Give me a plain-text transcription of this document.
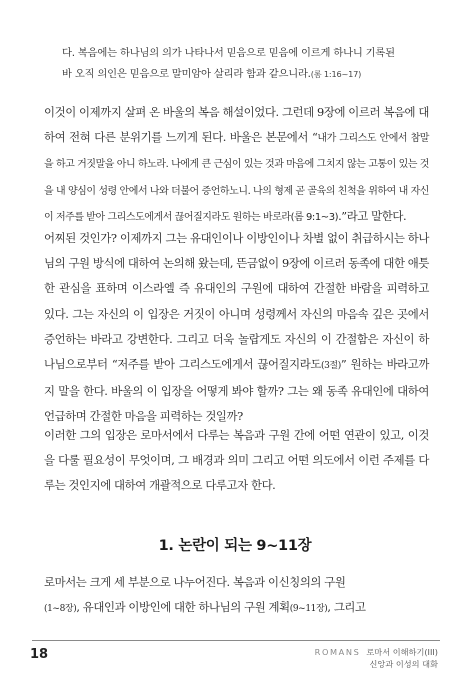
다. 복음에는 하나님의 의가 나타나서 믿음으로 믿음에 이르게 하나니 기록된
바 오직 의인은 믿음으로 말미암아 살리라 함과 같으니라.(롬 1:16~17)
이것이 이제까지 살펴 온 바울의 복음 해설이었다. 그런데 9장에 이르러 복음에 대하여 전혀 다른 분위기를 느끼게 된다. 바울은 본문에서 “내가 그리스도 안에서 참말을 하고 거짓말을 아니 하노라. 나에게 큰 근심이 있는 것과 마음에 그치지 않는 고통이 있는 것을 내 양심이 성령 안에서 나와 더불어 증언하노니. 나의 형제 곧 골육의 친척을 위하여 내 자신이 저주를 받아 그리스도에게서 끊어질지라도 원하는 바로라(롬 9:1~3).”라고 말한다.
어찌된 것인가? 이제까지 그는 유대인이나 이방인이나 차별 없이 취급하시는 하나님의 구원 방식에 대하여 논의해 왔는데, 뜬금없이 9장에 이르러 동족에 대한 애틋한 관심을 표하며 이스라엘 즉 유대인의 구원에 대하여 간절한 바람을 피력하고 있다. 그는 자신의 이 입장은 거짓이 아니며 성령께서 자신의 마음속 깊은 곳에서 증언하는 바라고 강변한다. 그리고 더욱 놀랍게도 자신의 이 간절함은 자신이 하나님으로부터 “저주를 받아 그리스도에게서 끊어질지라도(3절)” 원하는 바라고까지 말을 한다. 바울의 이 입장을 어떻게 봐야 할까? 그는 왜 동족 유대인에 대하여 언급하며 간절한 마음을 피력하는 것일까?
이러한 그의 입장은 로마서에서 다루는 복음과 구원 간에 어떤 연관이 있고, 이것을 다룰 필요성이 무엇이며, 그 배경과 의미 그리고 어떤 의도에서 이런 주제를 다루는 것인지에 대하여 개괄적으로 다루고자 한다.
1. 논란이 되는 9~11장
로마서는 크게 세 부분으로 나누어진다. 복음과 이신칭의의 구원
(1~8장), 유대인과 이방인에 대한 하나님의 구원 계획(9~11장), 그리고
18	ROMANS 로마서 이해하기(III)
신앙과 이성의 대화
